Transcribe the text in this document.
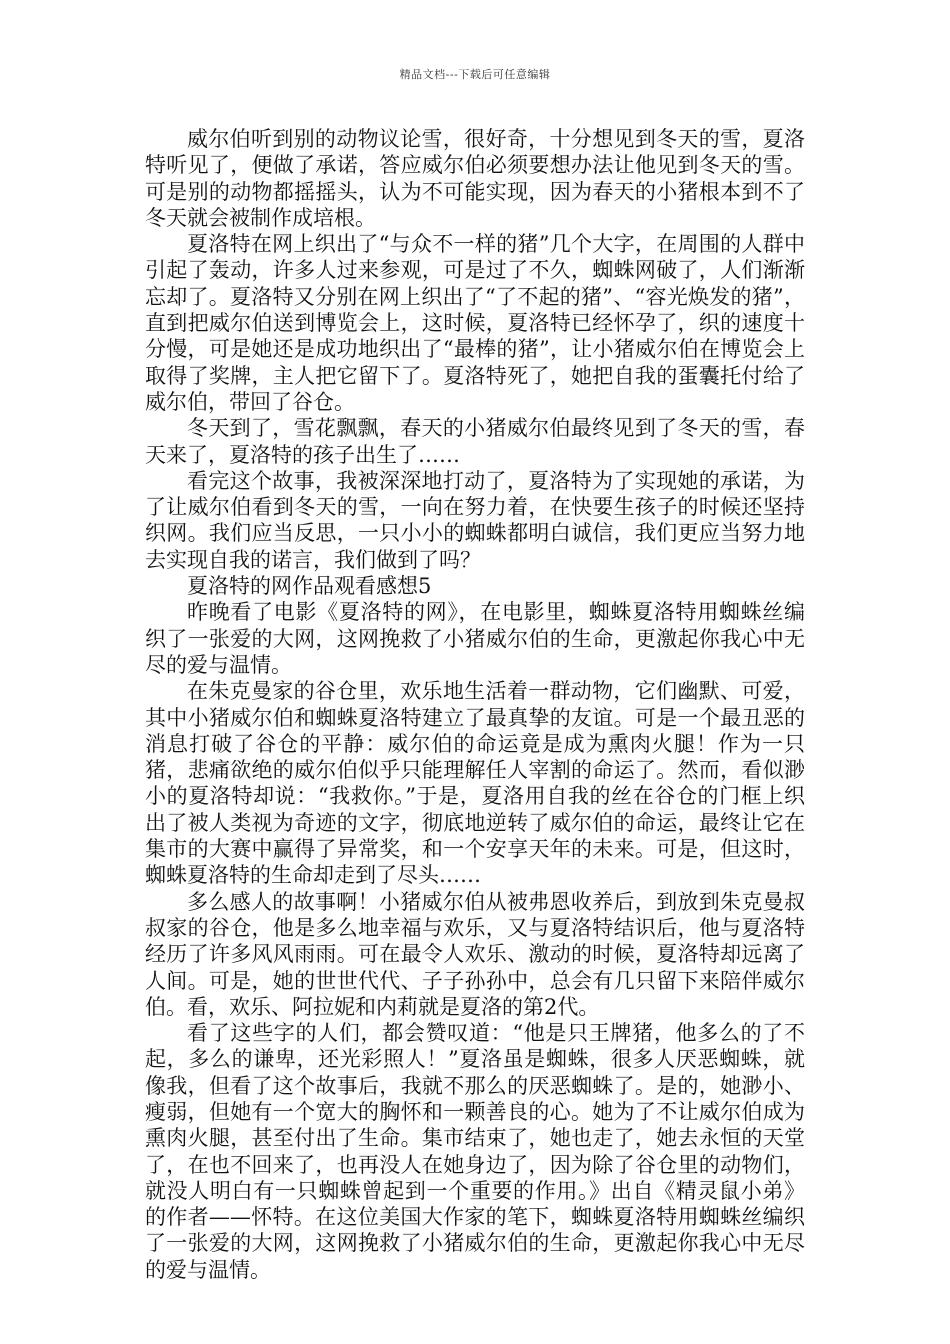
精品文档---下载后可任意编辑

威尔伯听到别的动物议论雪，很好奇，十分想见到冬天的雪，夏洛特听见了，便做了承诺，答应威尔伯必须要想办法让他见到冬天的雪。可是别的动物都摇摇头，认为不可能实现，因为春天的小猪根本到不了冬天就会被制作成培根。

夏洛特在网上织出了“与众不一样的猪”几个大字，在周围的人群中引起了轰动，许多人过来参观，可是过了不久，蜘蛛网破了，人们渐渐忘却了。夏洛特又分别在网上织出了“了不起的猪”、“容光焕发的猪”，直到把威尔伯送到博览会上，这时候，夏洛特已经怀孕了，织的速度十分慢，可是她还是成功地织出了“最棒的猪”，让小猪威尔伯在博览会上取得了奖牌，主人把它留下了。夏洛特死了，她把自我的蛋囊托付给了威尔伯，带回了谷仓。

冬天到了，雪花飘飘，春天的小猪威尔伯最终见到了冬天的雪，春天来了，夏洛特的孩子出生了……

看完这个故事，我被深深地打动了，夏洛特为了实现她的承诺，为了让威尔伯看到冬天的雪，一向在努力着，在快要生孩子的时候还坚持织网。我们应当反思，一只小小的蜘蛛都明白诚信，我们更应当努力地去实现自我的诺言，我们做到了吗？

夏洛特的网作品观看感想5

昨晚看了电影《夏洛特的网》，在电影里，蜘蛛夏洛特用蜘蛛丝编织了一张爱的大网，这网挽救了小猪威尔伯的生命，更激起你我心中无尽的爱与温情。

在朱克曼家的谷仓里，欢乐地生活着一群动物，它们幽默、可爱，其中小猪威尔伯和蜘蛛夏洛特建立了最真挚的友谊。可是一个最丑恶的消息打破了谷仓的平静：威尔伯的命运竟是成为熏肉火腿！作为一只猪，悲痛欲绝的威尔伯似乎只能理解任人宰割的命运了。然而，看似渺小的夏洛特却说：“我救你。”于是，夏洛用自我的丝在谷仓的门框上织出了被人类视为奇迹的文字，彻底地逆转了威尔伯的命运，最终让它在集市的大赛中赢得了异常奖，和一个安享天年的未来。可是，但这时，蜘蛛夏洛特的生命却走到了尽头……

多么感人的故事啊！小猪威尔伯从被弗恩收养后，到放到朱克曼叔叔家的谷仓，他是多么地幸福与欢乐，又与夏洛特结识后，他与夏洛特经历了许多风风雨雨。可在最令人欢乐、激动的时候，夏洛特却远离了人间。可是，她的世世代代、子子孙孙中，总会有几只留下来陪伴威尔伯。看，欢乐、阿拉妮和内莉就是夏洛的第2代。

看了这些字的人们，都会赞叹道：“他是只王牌猪，他多么的了不起，多么的谦卑，还光彩照人！”夏洛虽是蜘蛛，很多人厌恶蜘蛛，就像我，但看了这个故事后，我就不那么的厌恶蜘蛛了。是的，她渺小、瘦弱，但她有一个宽大的胸怀和一颗善良的心。她为了不让威尔伯成为熏肉火腿，甚至付出了生命。集市结束了，她也走了，她去永恒的天堂了，在也不回来了，也再没人在她身边了，因为除了谷仓里的动物们，就没人明白有一只蜘蛛曾起到一个重要的作用。》出自《精灵鼠小弟》的作者——怀特。在这位美国大作家的笔下，蜘蛛夏洛特用蜘蛛丝编织了一张爱的大网，这网挽救了小猪威尔伯的生命，更激起你我心中无尽的爱与温情。
